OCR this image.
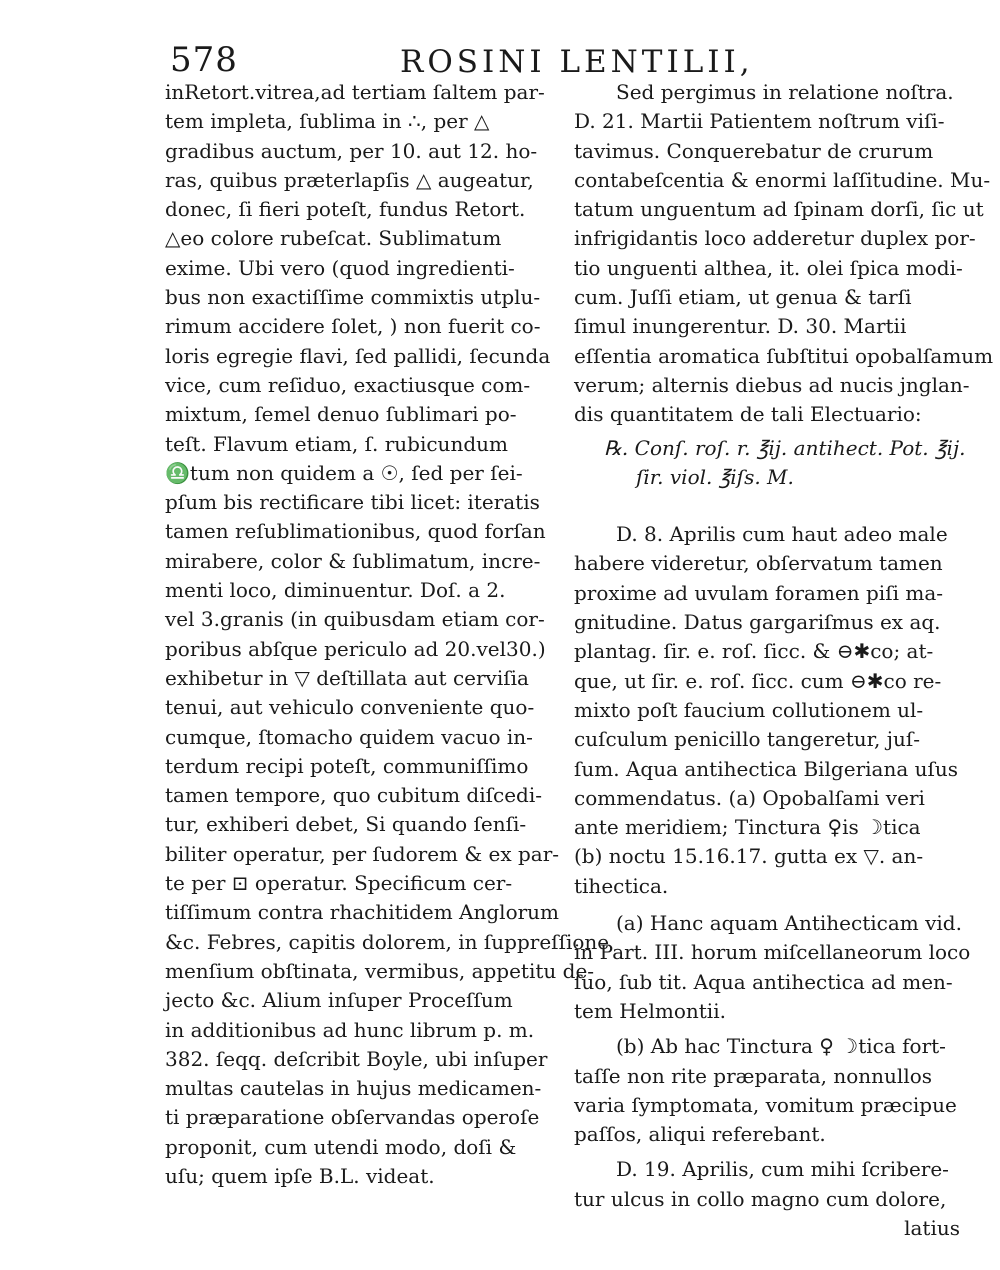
578	ROSINI LENTILII,
inRetort.vitrea,ad tertiam ſaltem par-
tem impleta, ſublima in ∴, per △
gradibus auctum, per 10. aut 12. ho-
ras, quibus præterlapſis △ augeatur,
donec, ſi fieri poteſt, fundus Retort.
△eo colore rubeſcat. Sublimatum
exime. Ubi vero (quod ingredienti-
bus non exactiſſime commixtis utplu-
rimum accidere ſolet, ) non fuerit co-
loris egregie flavi, ſed pallidi, ſecunda
vice, cum reſiduo, exactiusque com-
mixtum, ſemel denuo ſublimari po-
teſt. Flavum etiam, ſ. rubicundum
♎tum non quidem a ☉, ſed per ſei-
pſum bis rectificare tibi licet: iteratis
tamen reſublimationibus, quod forſan
mirabere, color & ſublimatum, incre-
menti loco, diminuentur. Doſ. a 2.
vel 3.granis (in quibusdam etiam cor-
poribus abſque periculo ad 20.vel30.)
exhibetur in ▽ deſtillata aut cerviſia
tenui, aut vehiculo conveniente quo-
cumque, ſtomacho quidem vacuo in-
terdum recipi poteſt, communiſſimo
tamen tempore, quo cubitum diſcedi-
tur, exhiberi debet, Si quando ſenſi-
biliter operatur, per ſudorem & ex par-
te per ⊡ operatur. Specificum cer-
tiſſimum contra rhachitidem Anglorum
&c. Febres, capitis dolorem, in ſuppreſſione
menſium obſtinata, vermibus, appetitu de-
jecto &c. Alium inſuper Proceſſum
in additionibus ad hunc librum p. m.
382. ſeqq. deſcribit Boyle, ubi inſuper
multas cautelas in hujus medicamen-
ti præparatione obſervandas operoſe
proponit, cum utendi modo, doſi &
uſu; quem ipſe B.L. videat.
Sed pergimus in relatione noſtra.
D. 21. Martii Patientem noſtrum viſi-
tavimus. Conquerebatur de crurum
contabeſcentia & enormi laſſitudine. Mu-
tatum unguentum ad ſpinam dorſi, ſic ut
infrigidantis loco adderetur duplex por-
tio unguenti althea, it. olei ſpica modi-
cum. Juſſi etiam, ut genua & tarſi
ſimul inungerentur. D. 30. Martii
eſſentia aromatica ſubſtitui opobalſamum
verum; alternis diebus ad nucis jnglan-
dis quantitatem de tali Electuario:
℞. Conſ. roſ. r. ℥ij. antihect. Pot. ℥ij.
ſir. viol. ℥iſs. M.
D. 8. Aprilis cum haut adeo male
habere videretur, obſervatum tamen
proxime ad uvulam foramen piſi ma-
gnitudine. Datus gargariſmus ex aq.
plantag. ſir. e. roſ. ſicc. & ⊖✱co; at-
que, ut ſir. e. roſ. ſicc. cum ⊖✱co re-
mixto poſt faucium collutionem ul-
cuſculum penicillo tangeretur, juſ-
ſum. Aqua antihectica Bilgeriana uſus
commendatus. (a) Opobalſami veri
ante meridiem; Tinctura ♀is ☽tica
(b) noctu 15.16.17. gutta ex ▽. an-
tihectica.
(a) Hanc aquam Antihecticam vid.
in Part. III. horum miſcellaneorum loco
ſuo, ſub tit. Aqua antihectica ad men-
tem Helmontii.
(b) Ab hac Tinctura ♀ ☽tica fort-
taſſe non rite præparata, nonnullos
varia ſymptomata, vomitum præcipue
paſſos, aliqui referebant.
D. 19. Aprilis, cum mihi ſcribere-
tur ulcus in collo magno cum dolore,
latius
